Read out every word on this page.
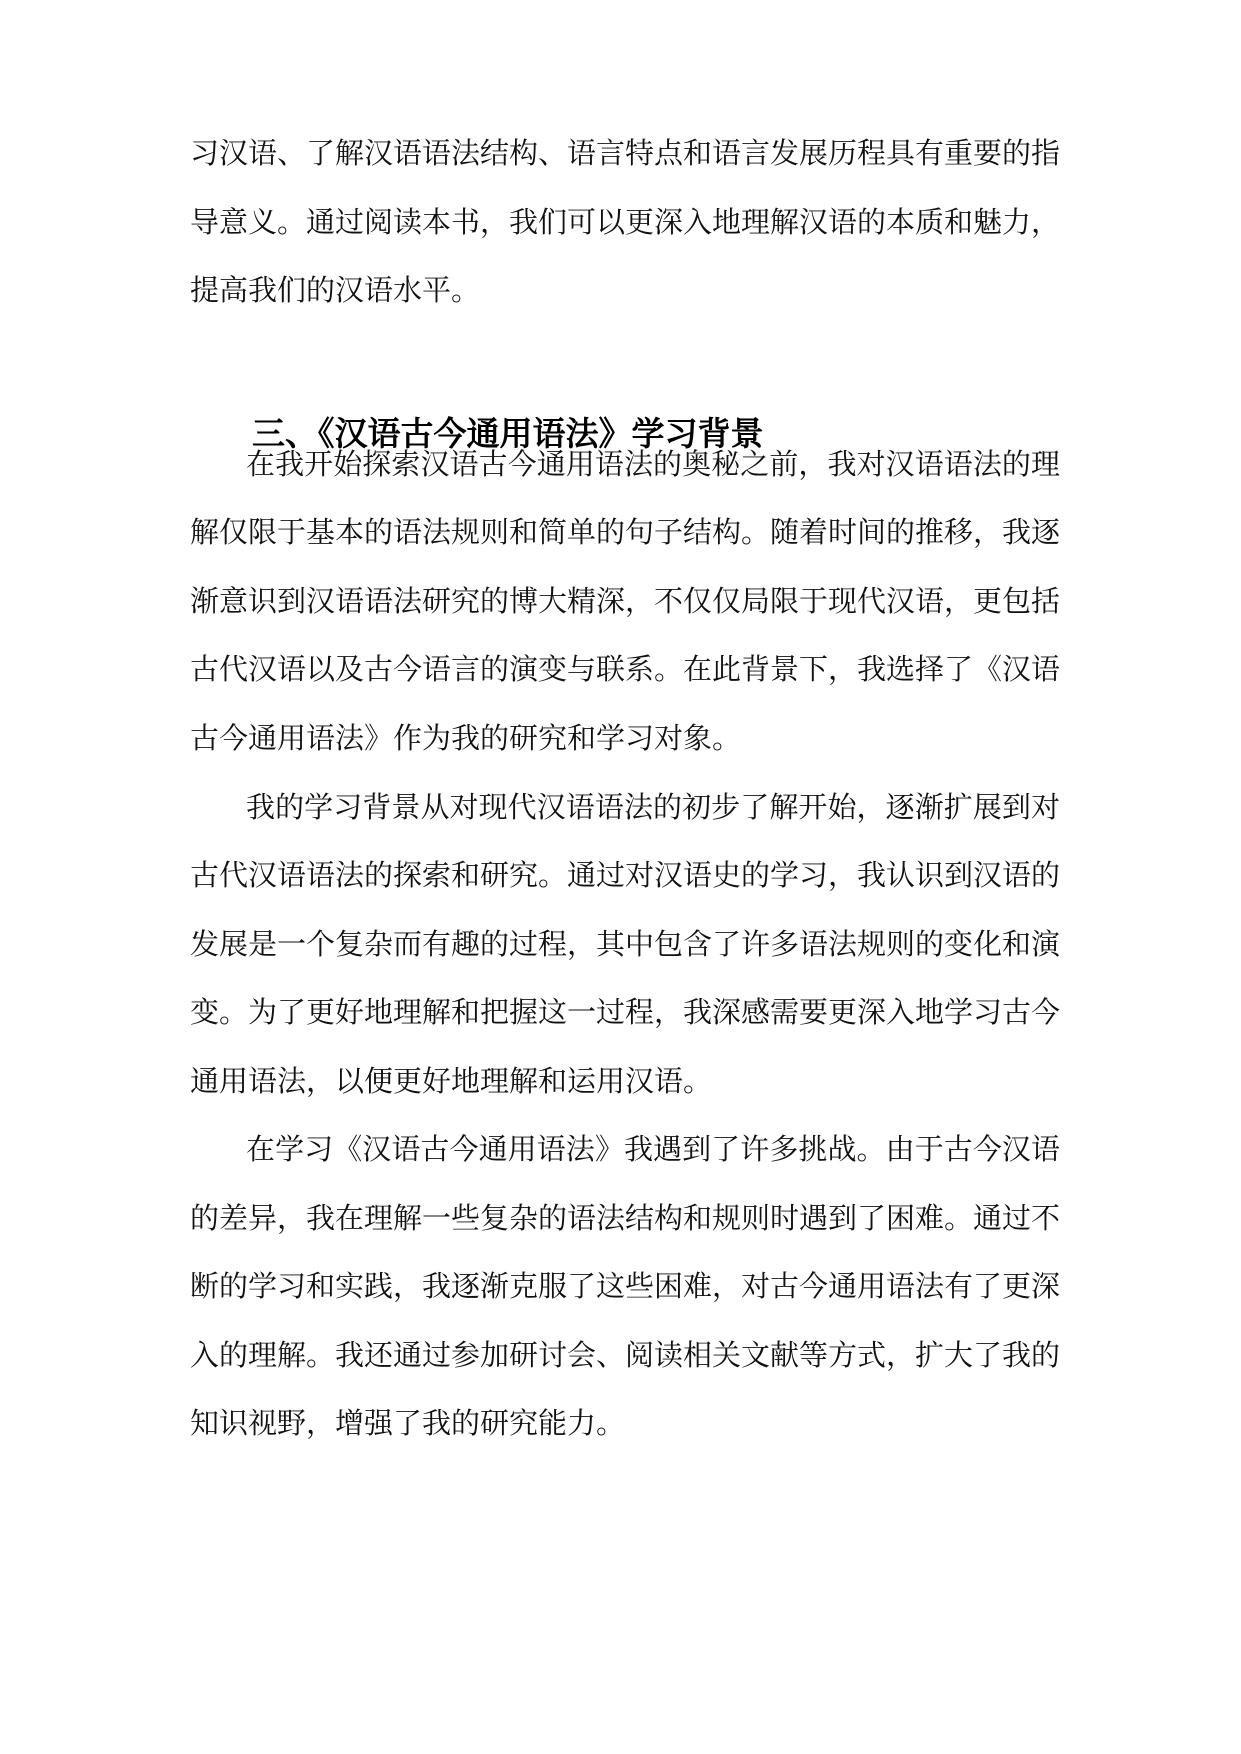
习汉语、了解汉语语法结构、语言特点和语言发展历程具有重要的指

导意义。通过阅读本书，我们可以更深入地理解汉语的本质和魅力，

提高我们的汉语水平。

三、《汉语古今通用语法》学习背景

在我开始探索汉语古今通用语法的奥秘之前，我对汉语语法的理

解仅限于基本的语法规则和简单的句子结构。随着时间的推移，我逐

渐意识到汉语语法研究的博大精深，不仅仅局限于现代汉语，更包括

古代汉语以及古今语言的演变与联系。在此背景下，我选择了《汉语

古今通用语法》作为我的研究和学习对象。

我的学习背景从对现代汉语语法的初步了解开始，逐渐扩展到对

古代汉语语法的探索和研究。通过对汉语史的学习，我认识到汉语的

发展是一个复杂而有趣的过程，其中包含了许多语法规则的变化和演

变。为了更好地理解和把握这一过程，我深感需要更深入地学习古今

通用语法，以便更好地理解和运用汉语。

在学习《汉语古今通用语法》我遇到了许多挑战。由于古今汉语

的差异，我在理解一些复杂的语法结构和规则时遇到了困难。通过不

断的学习和实践，我逐渐克服了这些困难，对古今通用语法有了更深

入的理解。我还通过参加研讨会、阅读相关文献等方式，扩大了我的

知识视野，增强了我的研究能力。
